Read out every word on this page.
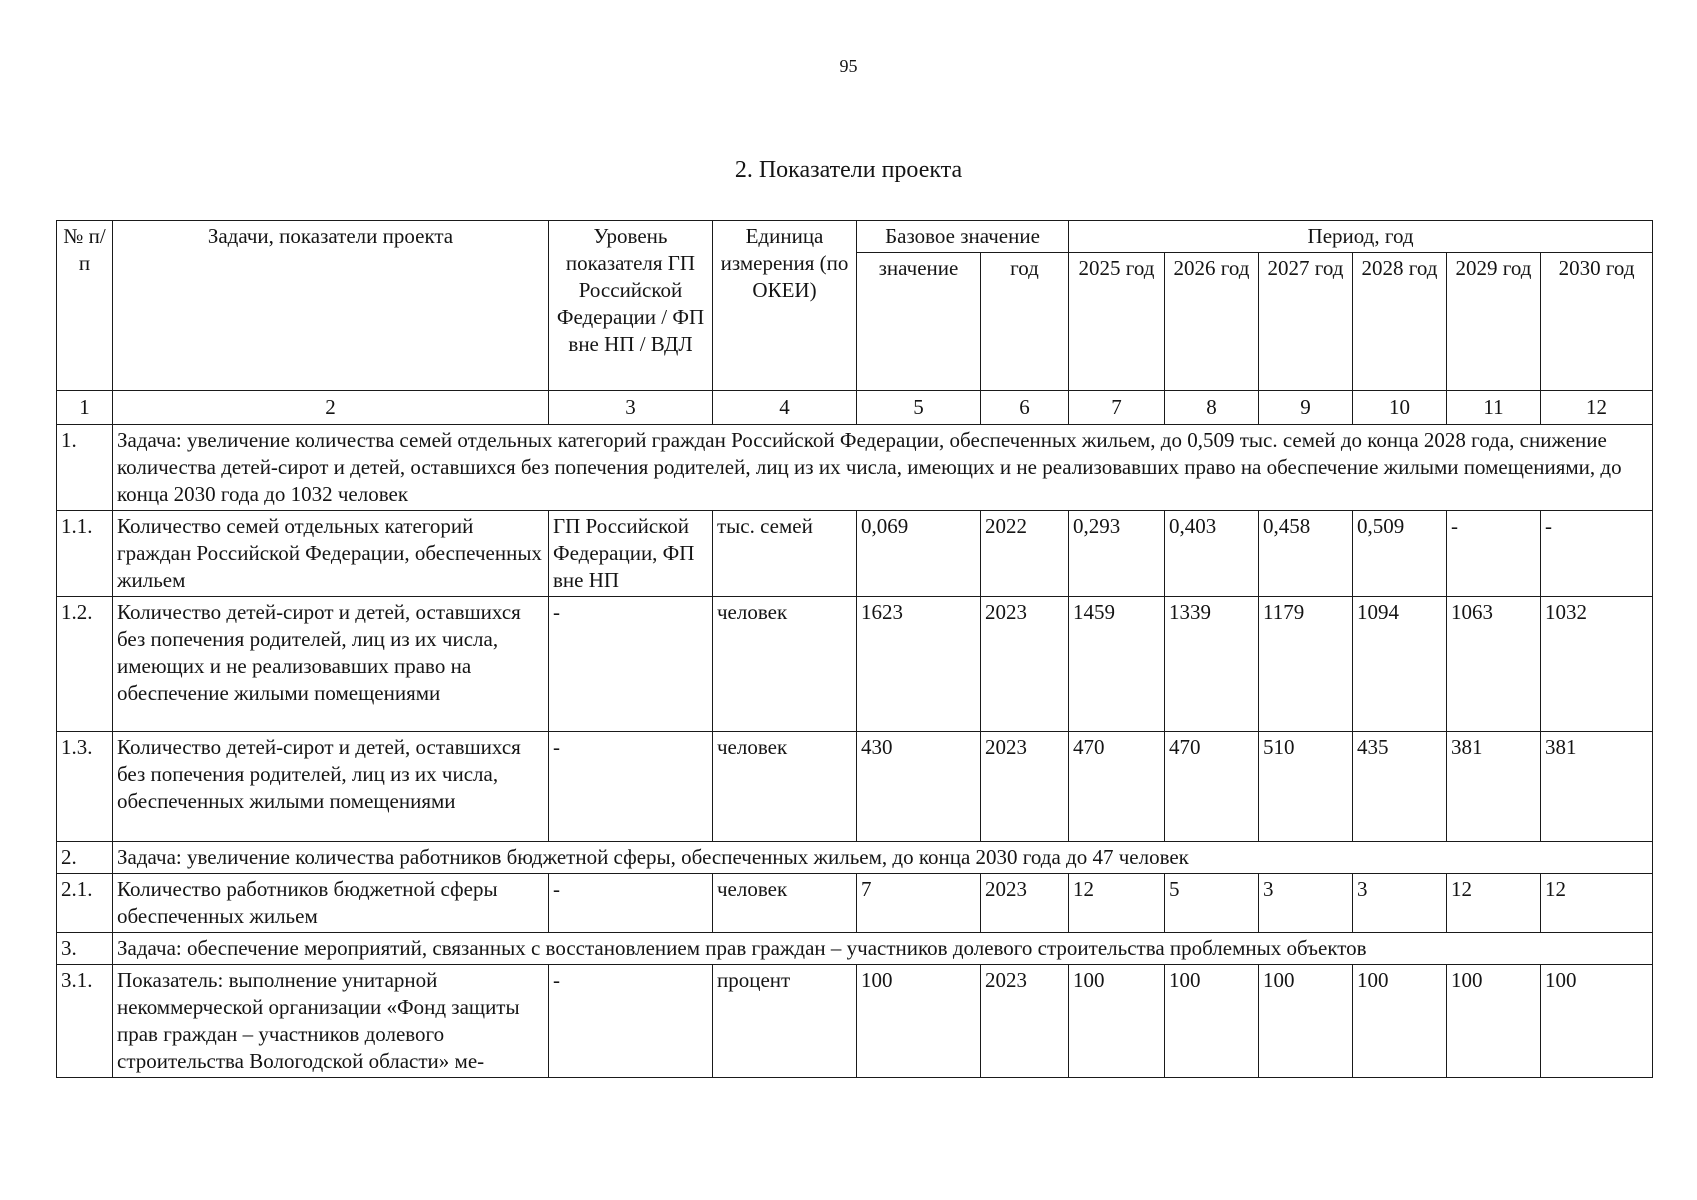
95
2. Показатели проекта
№ п/п	Задачи, показатели проекта	Уровень показателя ГП Российской Федерации / ФП вне НП / ВДЛ	Единица измерения (по ОКЕИ)	Базовое значение		Период, год					
				значение	год	2025 год	2026 год	2027 год	2028 год	2029 год	2030 год
1	2	3	4	5	6	7	8	9	10	11	12
1.	Задача: увеличение количества семей отдельных категорий граждан Российской Федерации, обеспеченных жильем, до 0,509 тыс. семей до конца 2028 года, снижение количества детей-сирот и детей, оставшихся без попечения родителей, лиц из их числа, имеющих и не реализовавших право на обеспечение жилыми помещениями, до конца 2030 года до 1032 человек										
1.1.	Количество семей отдельных категорий граждан Российской Федерации, обеспеченных жильем	ГП Российской Федерации, ФП вне НП	тыс. семей	0,069	2022	0,293	0,403	0,458	0,509	-	-
1.2.	Количество детей-сирот и детей, оставшихся без попечения родителей, лиц из их числа, имеющих и не реализовавших право на обеспечение жилыми помещениями	-	человек	1623	2023	1459	1339	1179	1094	1063	1032
1.3.	Количество детей-сирот и детей, оставшихся без попечения родителей, лиц из их числа, обеспеченных жилыми помещениями	-	человек	430	2023	470	470	510	435	381	381
2.	Задача: увеличение количества работников бюджетной сферы, обеспеченных жильем, до конца 2030 года до 47 человек										
2.1.	Количество работников бюджетной сферы обеспеченных жильем	-	человек	7	2023	12	5	3	3	12	12
3.	Задача: обеспечение мероприятий, связанных с восстановлением прав граждан – участников долевого строительства проблемных объектов										
3.1.	Показатель: выполнение унитарной некоммерческой организации «Фонд защиты прав граждан – участников долевого строительства Вологодской области» ме-	-	процент	100	2023	100	100	100	100	100	100
